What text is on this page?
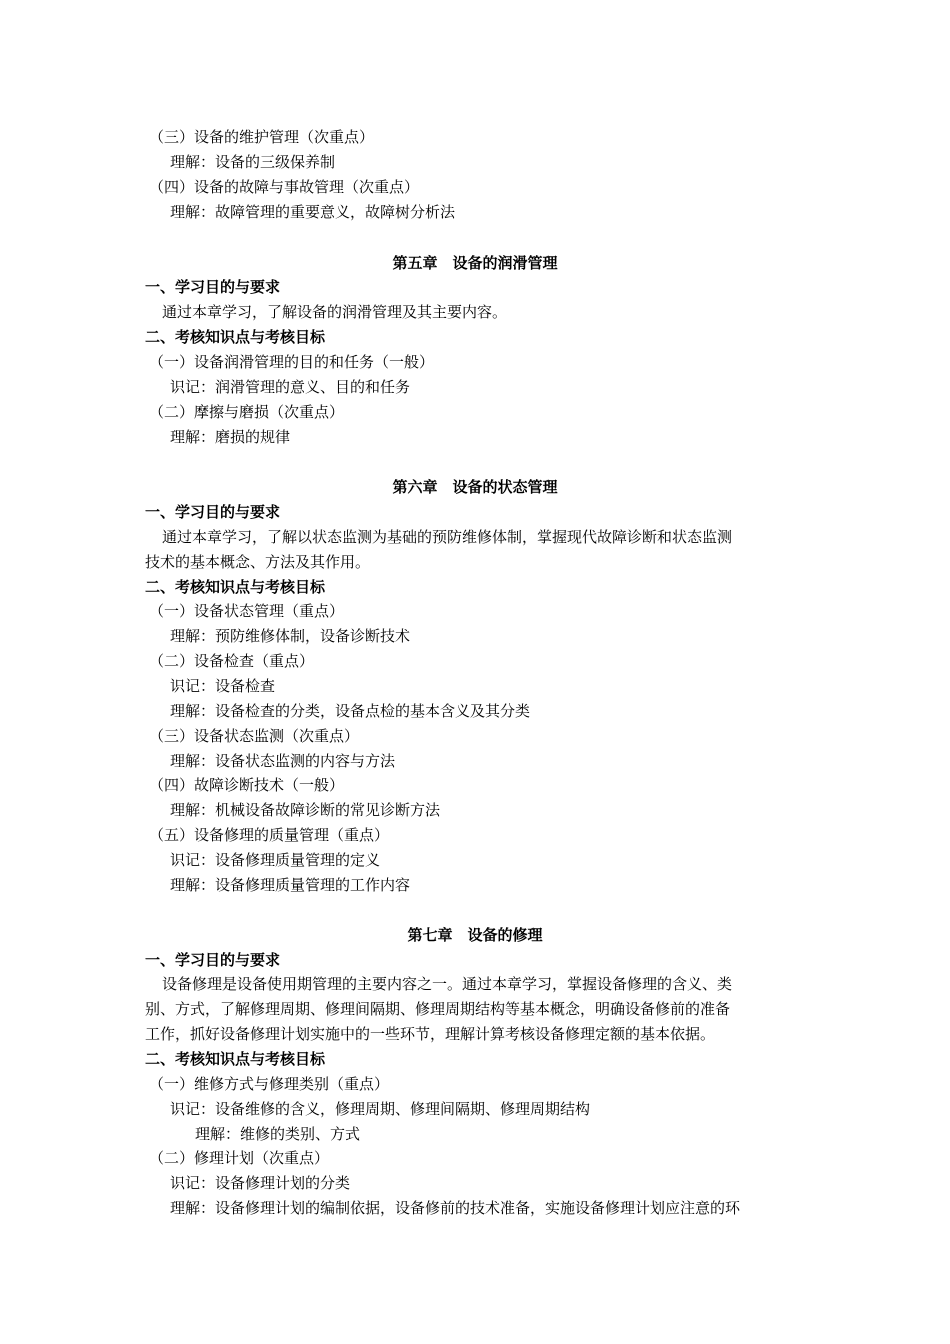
（三）设备的维护管理（次重点）
理解：设备的三级保养制
（四）设备的故障与事故管理（次重点）
理解：故障管理的重要意义，故障树分析法
第五章　设备的润滑管理
一、学习目的与要求
通过本章学习，了解设备的润滑管理及其主要内容。
二、考核知识点与考核目标
（一）设备润滑管理的目的和任务（一般）
识记：润滑管理的意义、目的和任务
（二）摩擦与磨损（次重点）
理解：磨损的规律
第六章　设备的状态管理
一、学习目的与要求
通过本章学习，了解以状态监测为基础的预防维修体制，掌握现代故障诊断和状态监测
技术的基本概念、方法及其作用。
二、考核知识点与考核目标
（一）设备状态管理（重点）
理解：预防维修体制，设备诊断技术
（二）设备检查（重点）
识记：设备检查
理解：设备检查的分类，设备点检的基本含义及其分类
（三）设备状态监测（次重点）
理解：设备状态监测的内容与方法
（四）故障诊断技术（一般）
理解：机械设备故障诊断的常见诊断方法
（五）设备修理的质量管理（重点）
识记：设备修理质量管理的定义
理解：设备修理质量管理的工作内容
第七章　设备的修理
一、学习目的与要求
设备修理是设备使用期管理的主要内容之一。通过本章学习，掌握设备修理的含义、类
别、方式，了解修理周期、修理间隔期、修理周期结构等基本概念，明确设备修前的准备
工作，抓好设备修理计划实施中的一些环节，理解计算考核设备修理定额的基本依据。
二、考核知识点与考核目标
（一）维修方式与修理类别（重点）
识记：设备维修的含义，修理周期、修理间隔期、修理周期结构
理解：维修的类别、方式
（二）修理计划（次重点）
识记：设备修理计划的分类
理解：设备修理计划的编制依据，设备修前的技术准备，实施设备修理计划应注意的环
